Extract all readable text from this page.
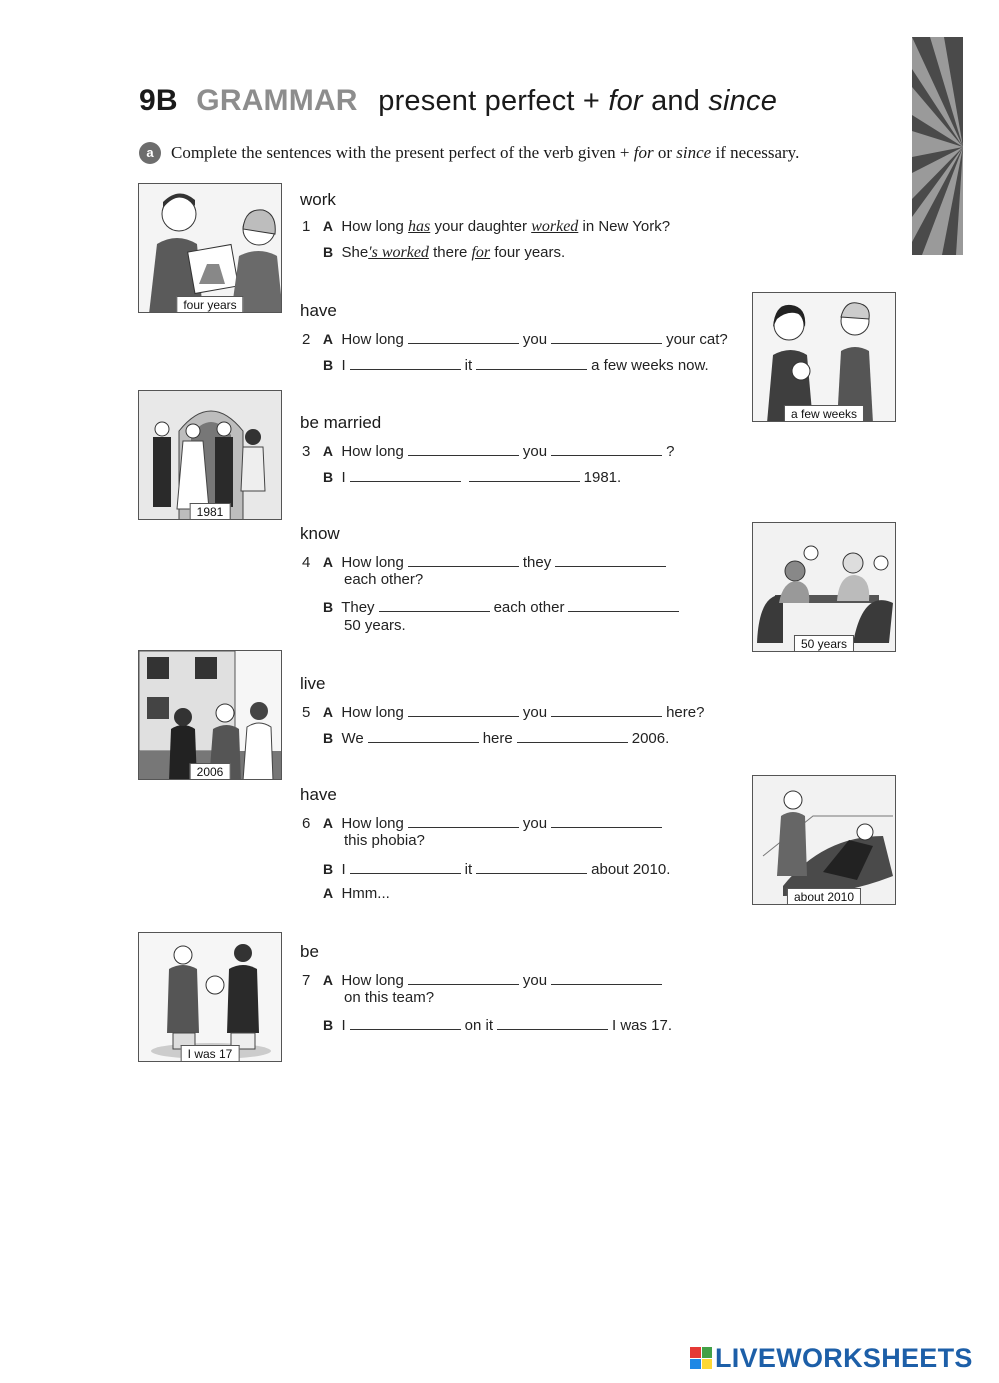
9B GRAMMAR present perfect + for and since
a	Complete the sentences with the present perfect of the verb given + for or since if necessary.
four years
a few weeks
1981
50 years
2006
about 2010
I was 17
work
1 A How long has your daughter worked in New York?
B She's worked there for four years.
have
2 A How long	you	your cat?
B I	it	a few weeks now.
be married
3 A How long	you	?
B I	1981.
know
4 A How long	they
each other?
B They	each other
50 years.
live
5 A How long	you	here?
B We	here	2006.
have
6 A How long	you
this phobia?
B I	it	about 2010.
A Hmm...
be
7 A How long	you
on this team?
B I	on it	I was 17.
LIVEWORKSHEETS
